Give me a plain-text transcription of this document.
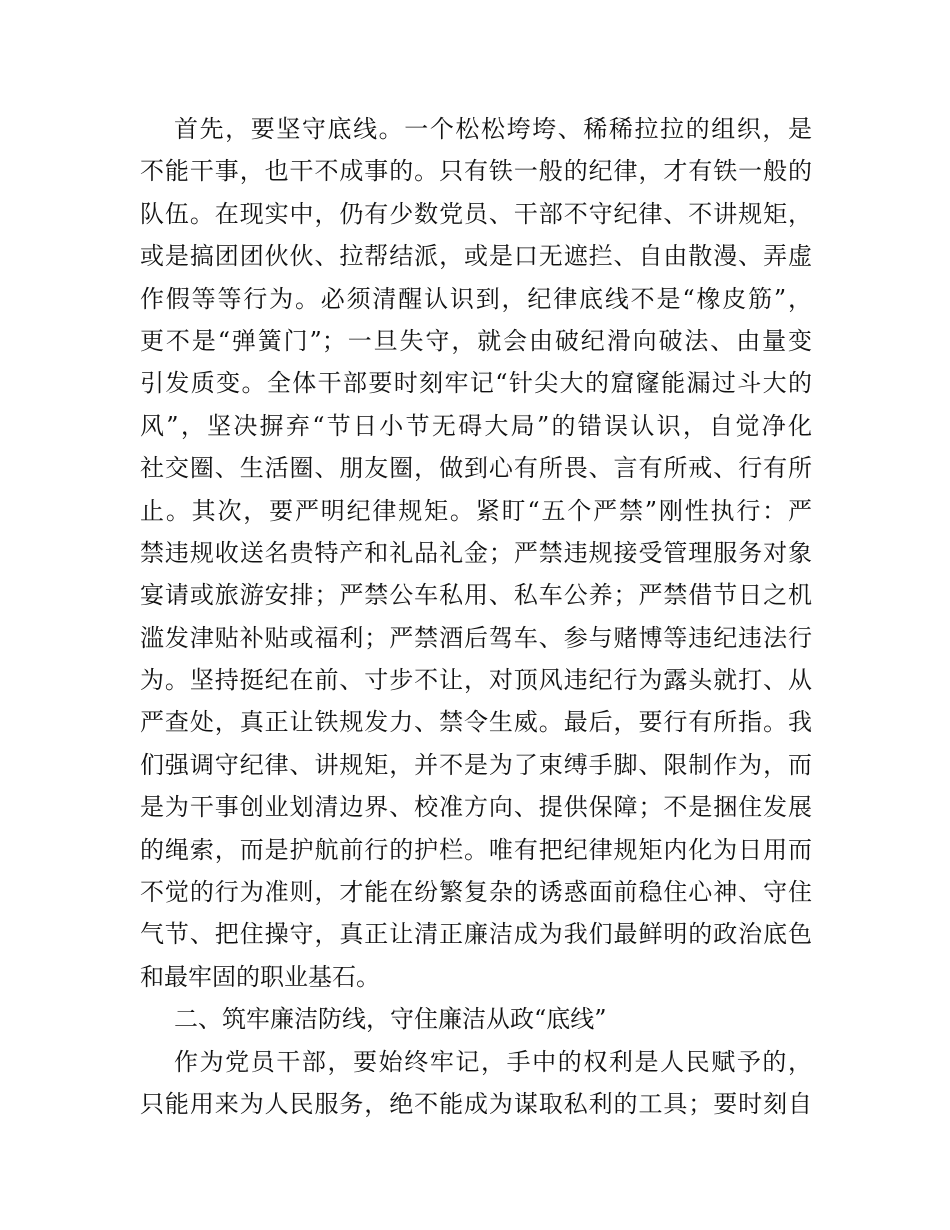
首先，要坚守底线。一个松松垮垮、稀稀拉拉的组织，是
不能干事，也干不成事的。只有铁一般的纪律，才有铁一般的
队伍。在现实中，仍有少数党员、干部不守纪律、不讲规矩，
或是搞团团伙伙、拉帮结派，或是口无遮拦、自由散漫、弄虚
作假等等行为。必须清醒认识到，纪律底线不是“橡皮筋”，
更不是“弹簧门”；一旦失守，就会由破纪滑向破法、由量变
引发质变。全体干部要时刻牢记“针尖大的窟窿能漏过斗大的
风”，坚决摒弃“节日小节无碍大局”的错误认识，自觉净化
社交圈、生活圈、朋友圈，做到心有所畏、言有所戒、行有所
止。其次，要严明纪律规矩。紧盯“五个严禁”刚性执行：严
禁违规收送名贵特产和礼品礼金；严禁违规接受管理服务对象
宴请或旅游安排；严禁公车私用、私车公养；严禁借节日之机
滥发津贴补贴或福利；严禁酒后驾车、参与赌博等违纪违法行
为。坚持挺纪在前、寸步不让，对顶风违纪行为露头就打、从
严查处，真正让铁规发力、禁令生威。最后，要行有所指。我
们强调守纪律、讲规矩，并不是为了束缚手脚、限制作为，而
是为干事创业划清边界、校准方向、提供保障；不是捆住发展
的绳索，而是护航前行的护栏。唯有把纪律规矩内化为日用而
不觉的行为准则，才能在纷繁复杂的诱惑面前稳住心神、守住
气节、把住操守，真正让清正廉洁成为我们最鲜明的政治底色
和最牢固的职业基石。
二、筑牢廉洁防线，守住廉洁从政“底线”
作为党员干部，要始终牢记，手中的权利是人民赋予的，
只能用来为人民服务，绝不能成为谋取私利的工具；要时刻自
